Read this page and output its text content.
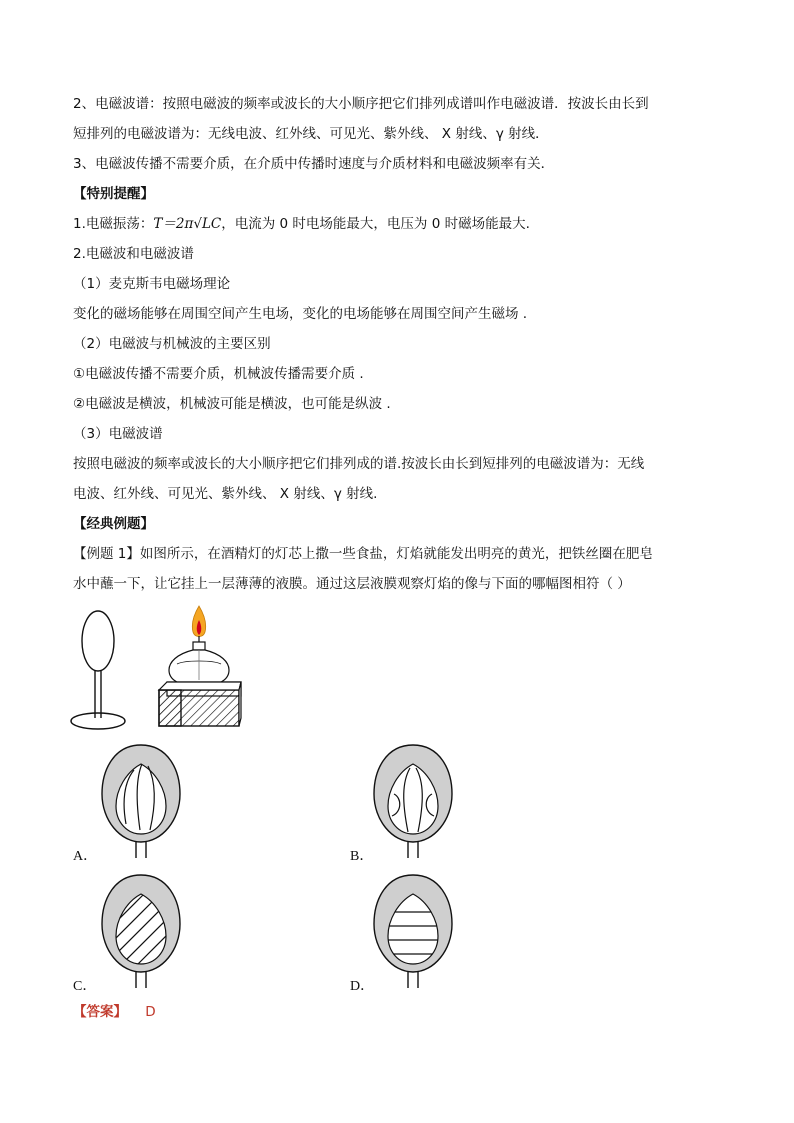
2、电磁波谱：按照电磁波的频率或波长的大小顺序把它们排列成谱叫作电磁波谱．按波长由长到
短排列的电磁波谱为：无线电波、红外线、可见光、紫外线、 X 射线、γ 射线．
3、电磁波传播不需要介质，在介质中传播时速度与介质材料和电磁波频率有关．
【特别提醒】
1.电磁振荡：T＝2π√LC，电流为 0 时电场能最大，电压为 0 时磁场能最大.
2.电磁波和电磁波谱
（1）麦克斯韦电磁场理论
变化的磁场能够在周围空间产生电场，变化的电场能够在周围空间产生磁场 .
（2）电磁波与机械波的主要区别
①电磁波传播不需要介质，机械波传播需要介质 .
②电磁波是横波，机械波可能是横波，也可能是纵波 .
（3）电磁波谱
按照电磁波的频率或波长的大小顺序把它们排列成的谱.按波长由长到短排列的电磁波谱为：无线
电波、红外线、可见光、紫外线、 X 射线、γ 射线.
【经典例题】
【例题 1】如图所示，在酒精灯的灯芯上撒一些食盐，灯焰就能发出明亮的黄光，把铁丝圈在肥皂
水中蘸一下，让它挂上一层薄薄的液膜。通过这层液膜观察灯焰的像与下面的哪幅图相符（ ）
A．	B．
C．	D．
【答案】 D
